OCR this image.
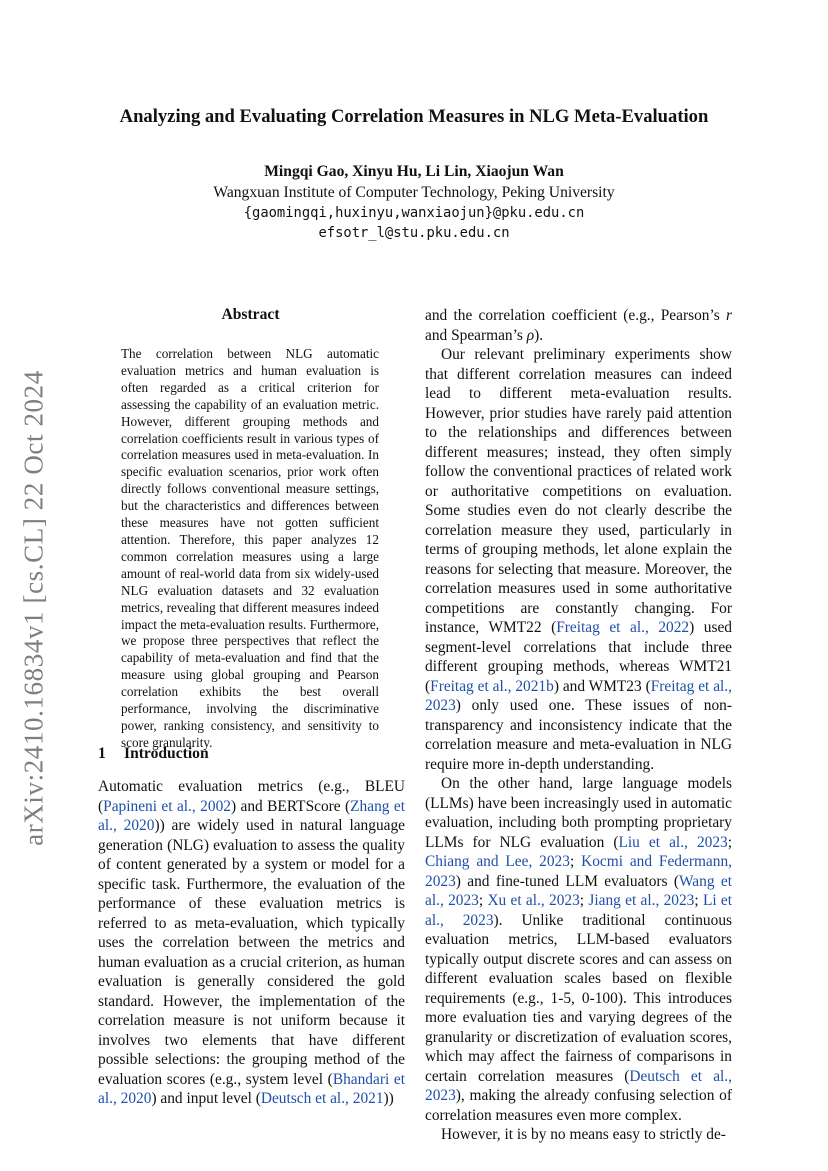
arXiv:2410.16834v1 [cs.CL] 22 Oct 2024
Analyzing and Evaluating Correlation Measures in NLG Meta-Evaluation
Mingqi Gao, Xinyu Hu, Li Lin, Xiaojun Wan
Wangxuan Institute of Computer Technology, Peking University
{gaomingqi,huxinyu,wanxiaojun}@pku.edu.cn
efsotr_l@stu.pku.edu.cn
Abstract

The correlation between NLG automatic evaluation metrics and human evaluation is often regarded as a critical criterion for assessing the capability of an evaluation metric. However, different grouping methods and correlation coefficients result in various types of correlation measures used in meta-evaluation. In specific evaluation scenarios, prior work often directly follows conventional measure settings, but the characteristics and differences between these measures have not gotten sufficient attention. Therefore, this paper analyzes 12 common correlation measures using a large amount of real-world data from six widely-used NLG evaluation datasets and 32 evaluation metrics, revealing that different measures indeed impact the meta-evaluation results. Furthermore, we propose three perspectives that reflect the capability of meta-evaluation and find that the measure using global grouping and Pearson correlation exhibits the best overall performance, involving the discriminative power, ranking consistency, and sensitivity to score granularity.

1 Introduction

Automatic evaluation metrics (e.g., BLEU (Papineni et al., 2002) and BERTScore (Zhang et al., 2020)) are widely used in natural language generation (NLG) evaluation to assess the quality of content generated by a system or model for a specific task. Furthermore, the evaluation of the performance of these evaluation metrics is referred to as meta-evaluation, which typically uses the correlation between the metrics and human evaluation as a crucial criterion, as human evaluation is generally considered the gold standard. However, the implementation of the correlation measure is not uniform because it involves two elements that have different possible selections: the grouping method of the evaluation scores (e.g., system level (Bhandari et al., 2020) and input level (Deutsch et al., 2021))

and the correlation coefficient (e.g., Pearson’s r and Spearman’s ρ).

Our relevant preliminary experiments show that different correlation measures can indeed lead to different meta-evaluation results. However, prior studies have rarely paid attention to the relationships and differences between different measures; instead, they often simply follow the conventional practices of related work or authoritative competitions on evaluation. Some studies even do not clearly describe the correlation measure they used, particularly in terms of grouping methods, let alone explain the reasons for selecting that measure. Moreover, the correlation measures used in some authoritative competitions are constantly changing. For instance, WMT22 (Freitag et al., 2022) used segment-level correlations that include three different grouping methods, whereas WMT21 (Freitag et al., 2021b) and WMT23 (Freitag et al., 2023) only used one. These issues of non-transparency and inconsistency indicate that the correlation measure and meta-evaluation in NLG require more in-depth understanding.

On the other hand, large language models (LLMs) have been increasingly used in automatic evaluation, including both prompting proprietary LLMs for NLG evaluation (Liu et al., 2023; Chiang and Lee, 2023; Kocmi and Federmann, 2023) and fine-tuned LLM evaluators (Wang et al., 2023; Xu et al., 2023; Jiang et al., 2023; Li et al., 2023). Unlike traditional continuous evaluation metrics, LLM-based evaluators typically output discrete scores and can assess on different evaluation scales based on flexible requirements (e.g., 1-5, 0-100). This introduces more evaluation ties and varying degrees of the granularity or discretization of evaluation scores, which may affect the fairness of comparisons in certain correlation measures (Deutsch et al., 2023), making the already confusing selection of correlation measures even more complex.

However, it is by no means easy to strictly de-
